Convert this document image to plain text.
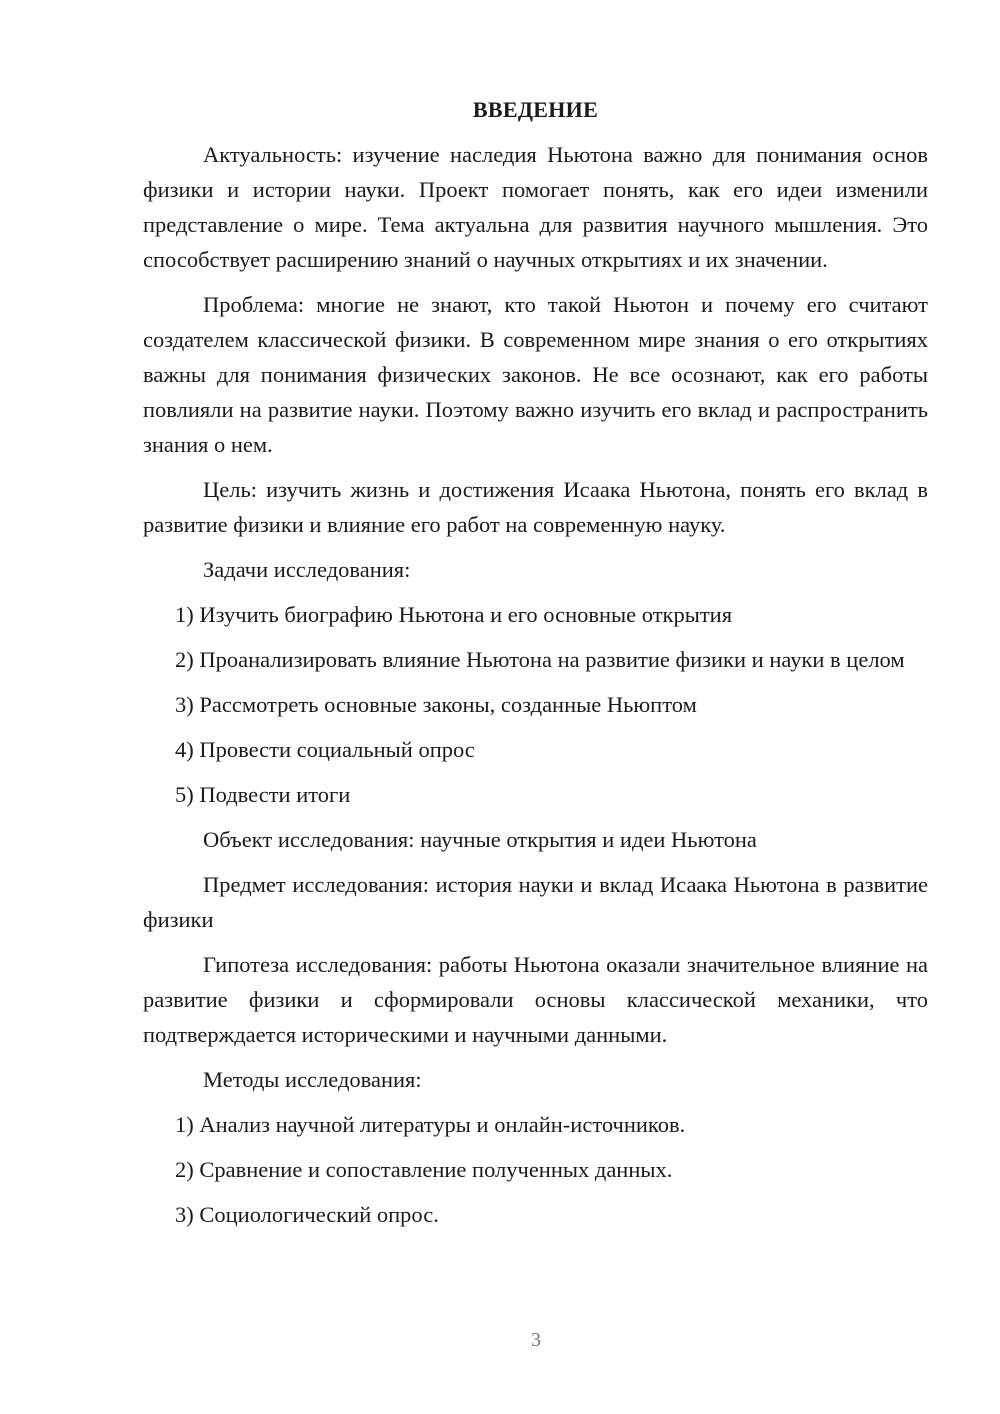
ВВЕДЕНИЕ

Актуальность: изучение наследия Ньютона важно для понимания основ физики и истории науки. Проект помогает понять, как его идеи изменили представление о мире. Тема актуальна для развития научного мышления. Это способствует расширению знаний о научных открытиях и их значении.

Проблема: многие не знают, кто такой Ньютон и почему его считают создателем классической физики. В современном мире знания о его открытиях важны для понимания физических законов. Не все осознают, как его работы повлияли на развитие науки. Поэтому важно изучить его вклад и распространить знания о нем.

Цель: изучить жизнь и достижения Исаака Ньютона, понять его вклад в развитие физики и влияние его работ на современную науку.

Задачи исследования:

1) Изучить биографию Ньютона и его основные открытия

2) Проанализировать влияние Ньютона на развитие физики и науки в целом

3) Рассмотреть основные законы, созданные Ньюптом

4) Провести социальный опрос

5) Подвести итоги

Объект исследования: научные открытия и идеи Ньютона

Предмет исследования: история науки и вклад Исаака Ньютона в развитие физики

Гипотеза исследования: работы Ньютона оказали значительное влияние на развитие физики и сформировали основы классической механики, что подтверждается историческими и научными данными.

Методы исследования:

1) Анализ научной литературы и онлайн-источников.

2) Сравнение и сопоставление полученных данных.

3) Социологический опрос.

3
